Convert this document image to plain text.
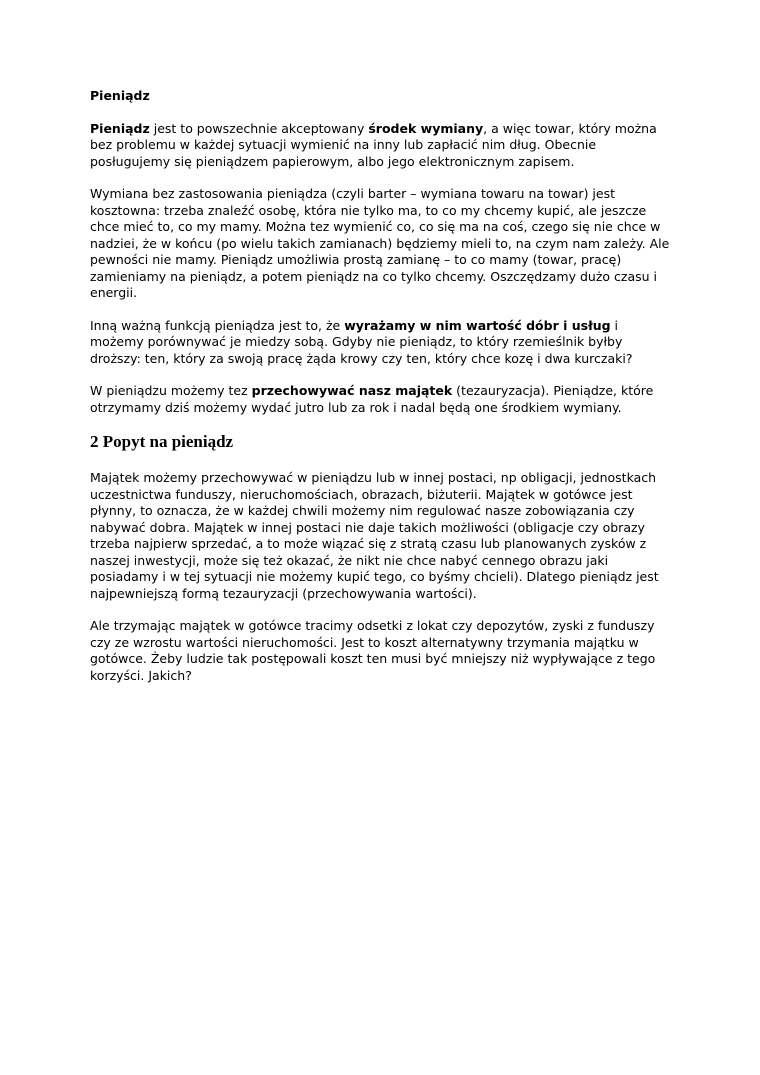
Pieniądz

Pieniądz jest to powszechnie akceptowany środek wymiany, a więc towar, który można bez problemu w każdej sytuacji wymienić na inny lub zapłacić nim dług. Obecnie posługujemy się pieniądzem papierowym, albo jego elektronicznym zapisem.

Wymiana bez zastosowania pieniądza (czyli barter – wymiana towaru na towar) jest kosztowna: trzeba znaleźć osobę, która nie tylko ma, to co my chcemy kupić, ale jeszcze chce mieć to, co my mamy. Można tez wymienić co, co się ma na coś, czego się nie chce w nadziei, że w końcu (po wielu takich zamianach) będziemy mieli to, na czym nam zależy. Ale pewności nie mamy. Pieniądz umożliwia prostą zamianę – to co mamy (towar, pracę) zamieniamy na pieniądz, a potem pieniądz na co tylko chcemy. Oszczędzamy dużo czasu i energii.

Inną ważną funkcją pieniądza jest to, że wyrażamy w nim wartość dóbr i usług i możemy porównywać je miedzy sobą. Gdyby nie pieniądz, to który rzemieślnik byłby droższy: ten, który za swoją pracę żąda krowy czy ten, który chce kozę i dwa kurczaki?

W pieniądzu możemy tez przechowywać nasz majątek (tezauryzacja). Pieniądze, które otrzymamy dziś możemy wydać jutro lub za rok i nadal będą one środkiem wymiany.

2 Popyt na pieniądz

Majątek możemy przechowywać w pieniądzu lub w innej postaci, np obligacji, jednostkach uczestnictwa funduszy, nieruchomościach, obrazach, biżuterii. Majątek w gotówce jest płynny, to oznacza, że w każdej chwili możemy nim regulować nasze zobowiązania czy nabywać dobra. Majątek w innej postaci nie daje takich możliwości (obligacje czy obrazy trzeba najpierw sprzedać, a to może wiązać się z stratą czasu lub planowanych zysków z naszej inwestycji, może się też okazać, że nikt nie chce nabyć cennego obrazu jaki posiadamy i w tej sytuacji nie możemy kupić tego, co byśmy chcieli). Dlatego pieniądz jest najpewniejszą formą tezauryzacji (przechowywania wartości).

Ale trzymając majątek w gotówce tracimy odsetki z lokat czy depozytów, zyski z funduszy czy ze wzrostu wartości nieruchomości. Jest to koszt alternatywny trzymania majątku w gotówce. Żeby ludzie tak postępowali koszt ten musi być mniejszy niż wypływające z tego korzyści. Jakich?
